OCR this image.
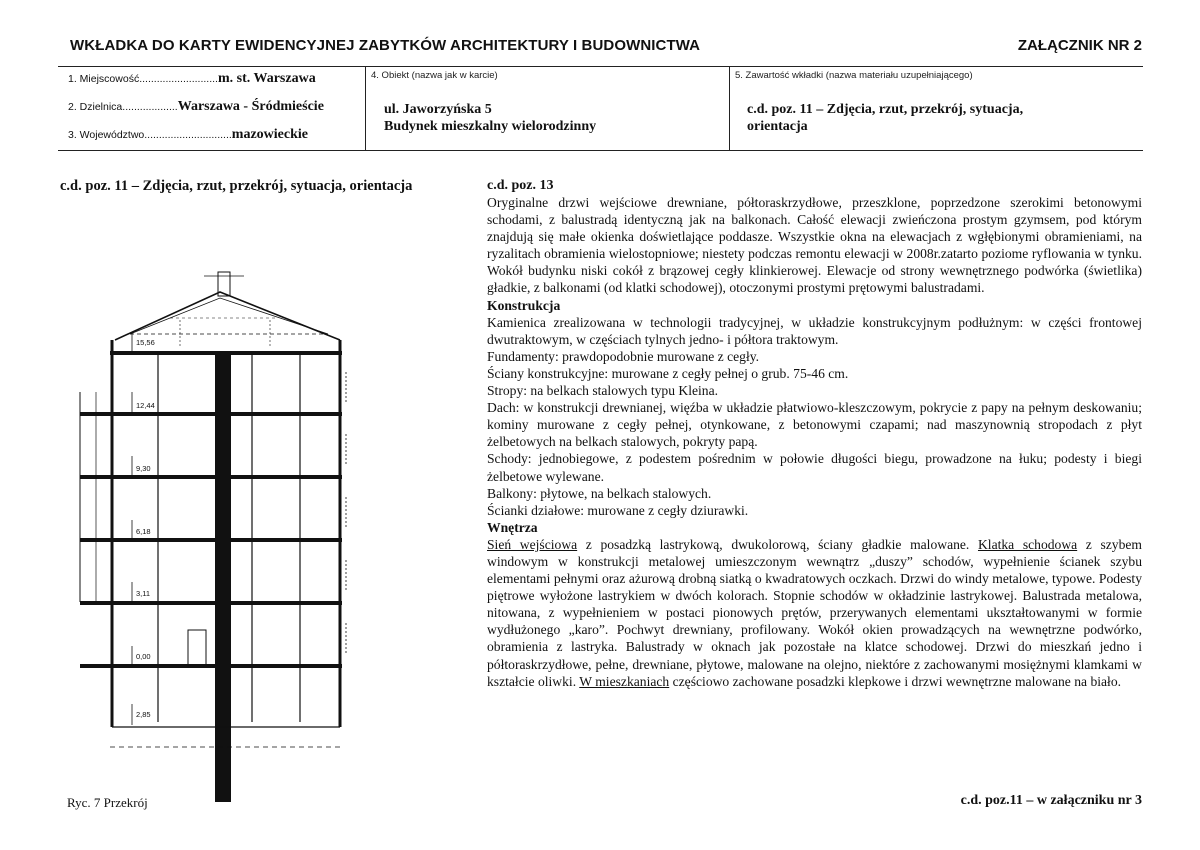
WKŁADKA DO KARTY EWIDENCYJNEJ ZABYTKÓW ARCHITEKTURY I BUDOWNICTWA	ZAŁĄCZNIK NR 2
1. Miejscowość...........................m. st. Warszawa
2. Dzielnica...................Warszawa - Śródmieście
3. Województwo..............................mazowieckie
4. Obiekt (nazwa jak w karcie)
ul. Jaworzyńska 5
Budynek mieszkalny wielorodzinny
5. Zawartość wkładki (nazwa materiału uzupełniającego)
c.d. poz. 11 – Zdjęcia, rzut, przekrój, sytuacja,
orientacja
c.d. poz. 11 – Zdjęcia, rzut, przekrój, sytuacja, orientacja
15,56
12,44
9,30
6,18
3,11
0,00
2,85
Ryc. 7 Przekrój
c.d. poz. 13

Oryginalne drzwi wejściowe drewniane, półtoraskrzydłowe, przeszklone, poprzedzone szerokimi betonowymi schodami, z balustradą identyczną jak na balkonach. Całość elewacji zwieńczona prostym gzymsem, pod którym znajdują się małe okienka doświetlające poddasze. Wszystkie okna na elewacjach z wgłębionymi obramieniami, na ryzalitach obramienia wielostopniowe; niestety podczas remontu elewacji w 2008r.zatarto poziome ryflowania w tynku. Wokół budynku niski cokół z brązowej cegły klinkierowej. Elewacje od strony wewnętrznego podwórka (świetlika) gładkie, z balkonami (od klatki schodowej), otoczonymi prostymi prętowymi balustradami.

Konstrukcja

Kamienica zrealizowana w technologii tradycyjnej, w układzie konstrukcyjnym podłużnym: w części frontowej dwutraktowym, w częściach tylnych jedno- i półtora traktowym.

Fundamenty: prawdopodobnie murowane z cegły.

Ściany konstrukcyjne: murowane z cegły pełnej o grub. 75-46 cm.

Stropy: na belkach stalowych typu Kleina.

Dach: w konstrukcji drewnianej, więźba w układzie płatwiowo-kleszczowym, pokrycie z papy na pełnym deskowaniu; kominy murowane z cegły pełnej, otynkowane, z betonowymi czapami; nad maszynownią stropodach z płyt żelbetowych na belkach stalowych, pokryty papą.

Schody: jednobiegowe, z podestem pośrednim w połowie długości biegu, prowadzone na łuku; podesty i biegi żelbetowe wylewane.

Balkony: płytowe, na belkach stalowych.

Ścianki działowe: murowane z cegły dziurawki.

Wnętrza

Sień wejściowa z posadzką lastrykową, dwukolorową, ściany gładkie malowane. Klatka schodowa z szybem windowym w konstrukcji metalowej umieszczonym wewnątrz „duszy” schodów, wypełnienie ścianek szybu elementami pełnymi oraz ażurową drobną siatką o kwadratowych oczkach. Drzwi do windy metalowe, typowe. Podesty piętrowe wyłożone lastrykiem w dwóch kolorach. Stopnie schodów w okładzinie lastrykowej. Balustrada metalowa, nitowana, z wypełnieniem w postaci pionowych prętów, przerywanych elementami ukształtowanymi w formie wydłużonego „karo”. Pochwyt drewniany, profilowany. Wokół okien prowadzących na wewnętrzne podwórko, obramienia z lastryka. Balustrady w oknach jak pozostałe na klatce schodowej. Drzwi do mieszkań jedno i półtoraskrzydłowe, pełne, drewniane, płytowe, malowane na olejno, niektóre z zachowanymi mosiężnymi klamkami w kształcie oliwki. W mieszkaniach częściowo zachowane posadzki klepkowe i drzwi wewnętrzne malowane na biało.

c.d. poz.11 – w załączniku nr 3
